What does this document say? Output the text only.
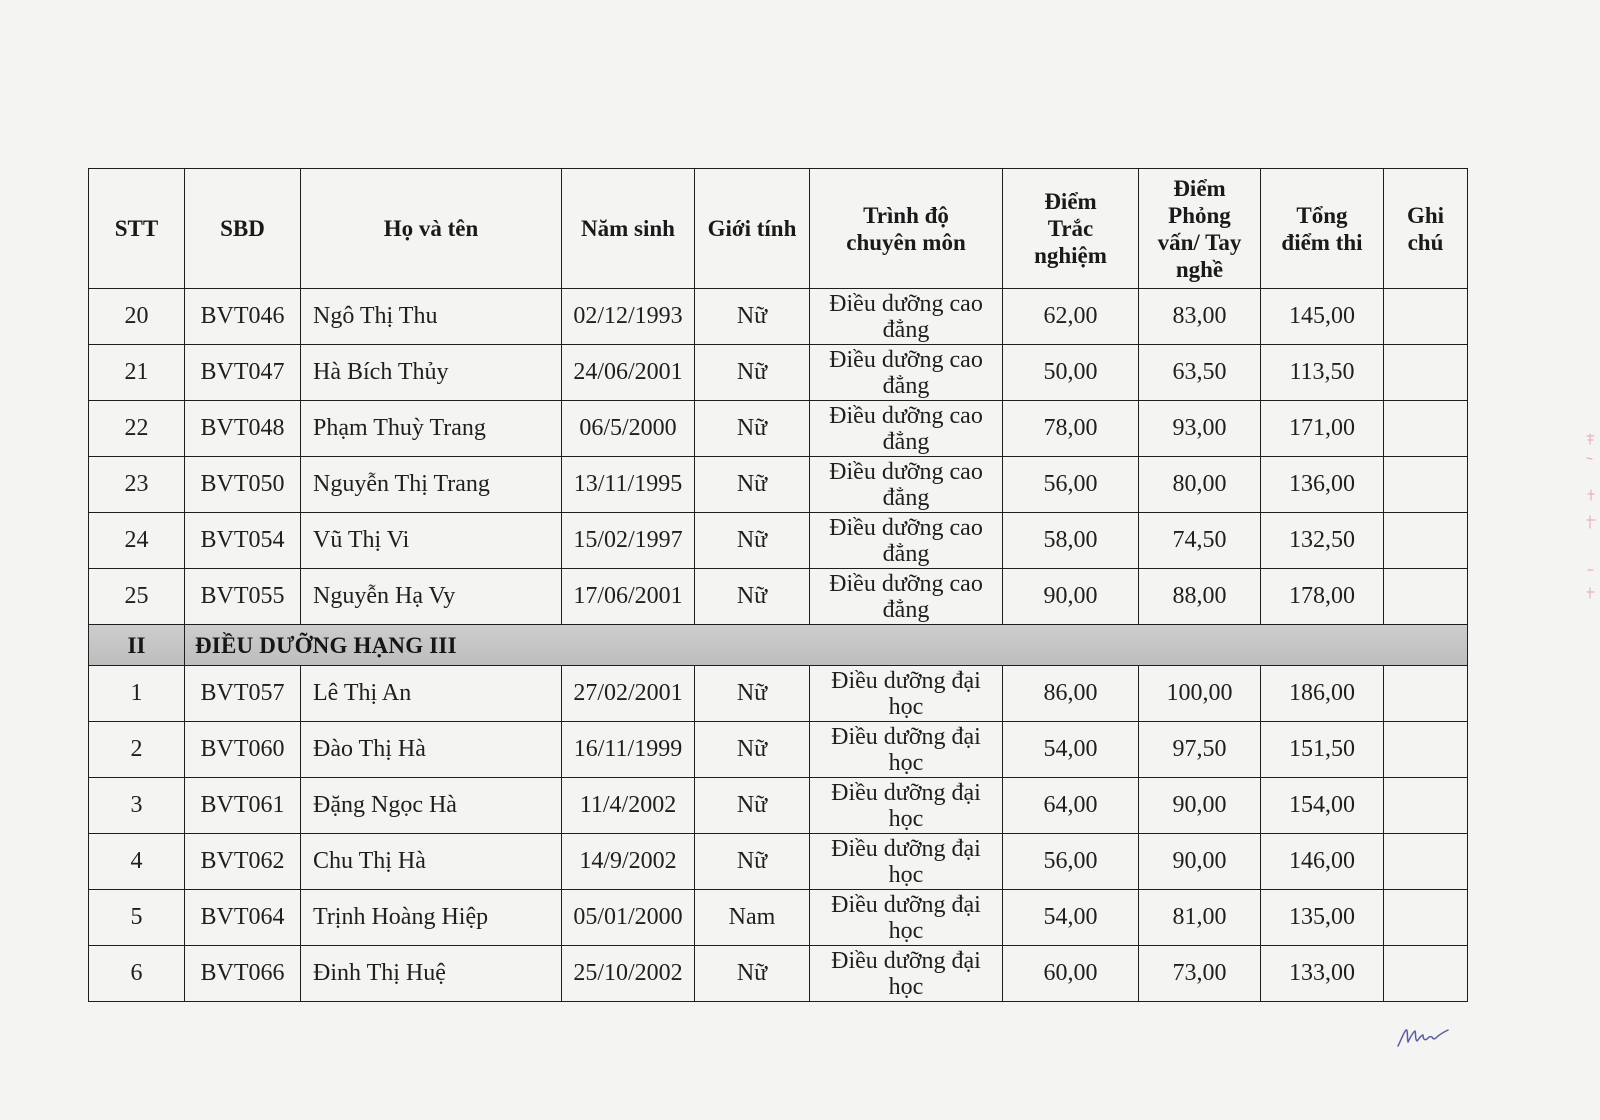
STT	SBD	Họ và tên	Năm sinh	Giới tính	Trình độ
chuyên môn	Điểm
Trắc
nghiệm	Điểm
Phỏng
vấn/ Tay
nghề	Tổng
điểm thi	Ghi
chú
20	BVT046	Ngô Thị Thu	02/12/1993	Nữ	Điều dưỡng cao
đẳng	62,00	83,00	145,00	
21	BVT047	Hà Bích Thủy	24/06/2001	Nữ	Điều dưỡng cao
đẳng	50,00	63,50	113,50	
22	BVT048	Phạm Thuỳ Trang	06/5/2000	Nữ	Điều dưỡng cao
đẳng	78,00	93,00	171,00	
23	BVT050	Nguyễn Thị Trang	13/11/1995	Nữ	Điều dưỡng cao
đẳng	56,00	80,00	136,00	
24	BVT054	Vũ Thị Vi	15/02/1997	Nữ	Điều dưỡng cao
đẳng	58,00	74,50	132,50	
25	BVT055	Nguyễn Hạ Vy	17/06/2001	Nữ	Điều dưỡng cao
đẳng	90,00	88,00	178,00	
II	ĐIỀU DƯỠNG HẠNG III								
1	BVT057	Lê Thị An	27/02/2001	Nữ	Điều dưỡng đại
học	86,00	100,00	186,00	
2	BVT060	Đào Thị Hà	16/11/1999	Nữ	Điều dưỡng đại
học	54,00	97,50	151,50	
3	BVT061	Đặng Ngọc Hà	11/4/2002	Nữ	Điều dưỡng đại
học	64,00	90,00	154,00	
4	BVT062	Chu Thị Hà	14/9/2002	Nữ	Điều dưỡng đại
học	56,00	90,00	146,00	
5	BVT064	Trịnh Hoàng Hiệp	05/01/2000	Nam	Điều dưỡng đại
học	54,00	81,00	135,00	
6	BVT066	Đinh Thị Huệ	25/10/2002	Nữ	Điều dưỡng đại
học	60,00	73,00	133,00	
